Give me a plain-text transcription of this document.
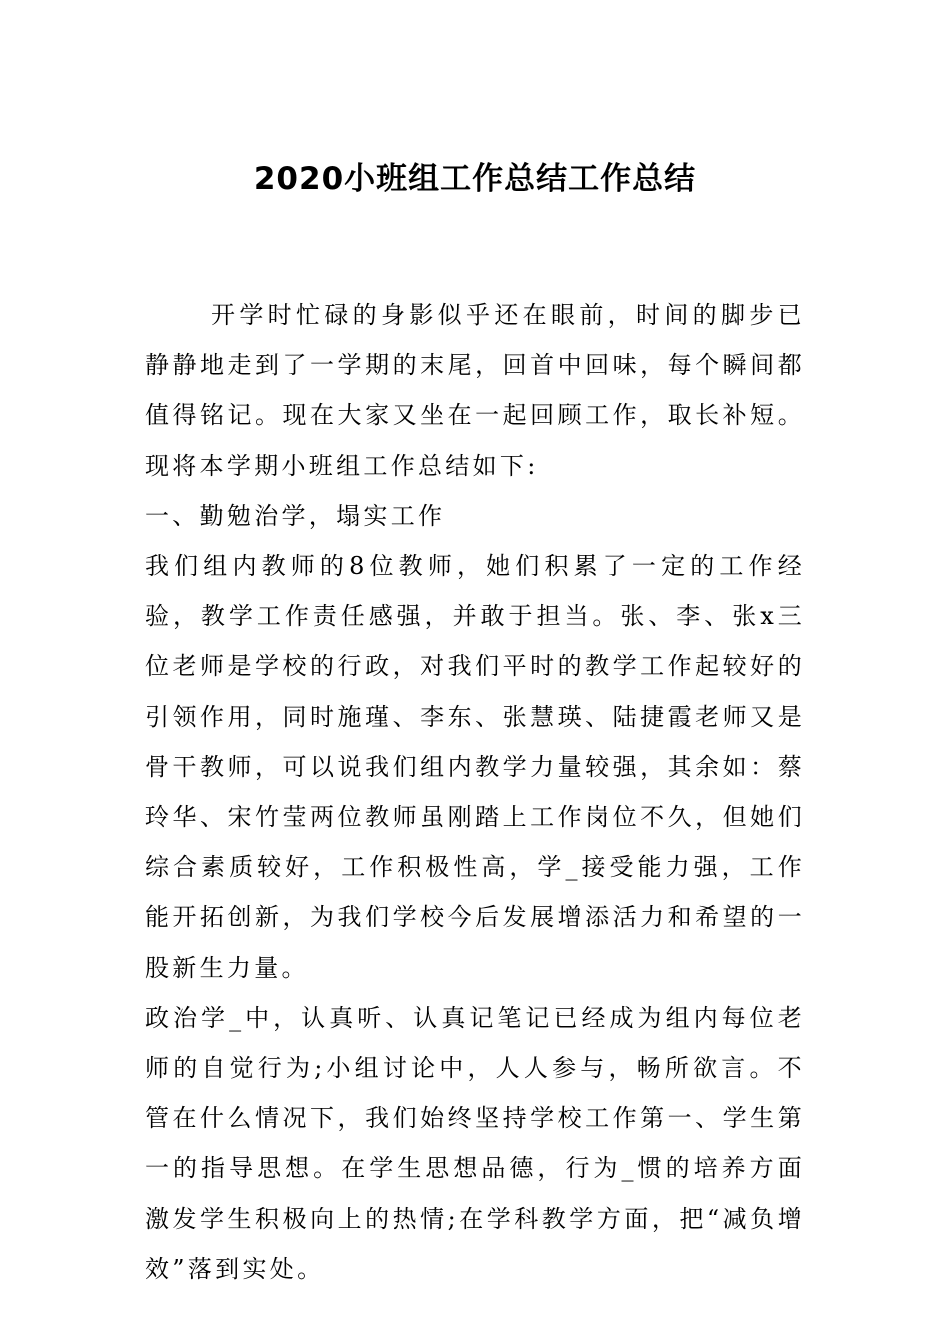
2020小班组工作总结工作总结

开学时忙碌的身影似乎还在眼前，时间的脚步已静静地走到了一学期的末尾，回首中回味，每个瞬间都值得铭记。现在大家又坐在一起回顾工作，取长补短。现将本学期小班组工作总结如下:

一、勤勉治学，塌实工作

我们组内教师的8位教师，她们积累了一定的工作经验，教学工作责任感强，并敢于担当。张、李、张x三位老师是学校的行政，对我们平时的教学工作起较好的引领作用，同时施瑾、李东、张慧瑛、陆捷霞老师又是骨干教师，可以说我们组内教学力量较强，其余如：蔡玲华、宋竹莹两位教师虽刚踏上工作岗位不久，但她们综合素质较好，工作积极性高，学_接受能力强，工作能开拓创新，为我们学校今后发展增添活力和希望的一股新生力量。

政治学_中，认真听、认真记笔记已经成为组内每位老师的自觉行为;小组讨论中，人人参与，畅所欲言。不管在什么情况下，我们始终坚持学校工作第一、学生第一的指导思想。在学生思想品德，行为_惯的培养方面激发学生积极向上的热情;在学科教学方面，把“减负增效”落到实处。
